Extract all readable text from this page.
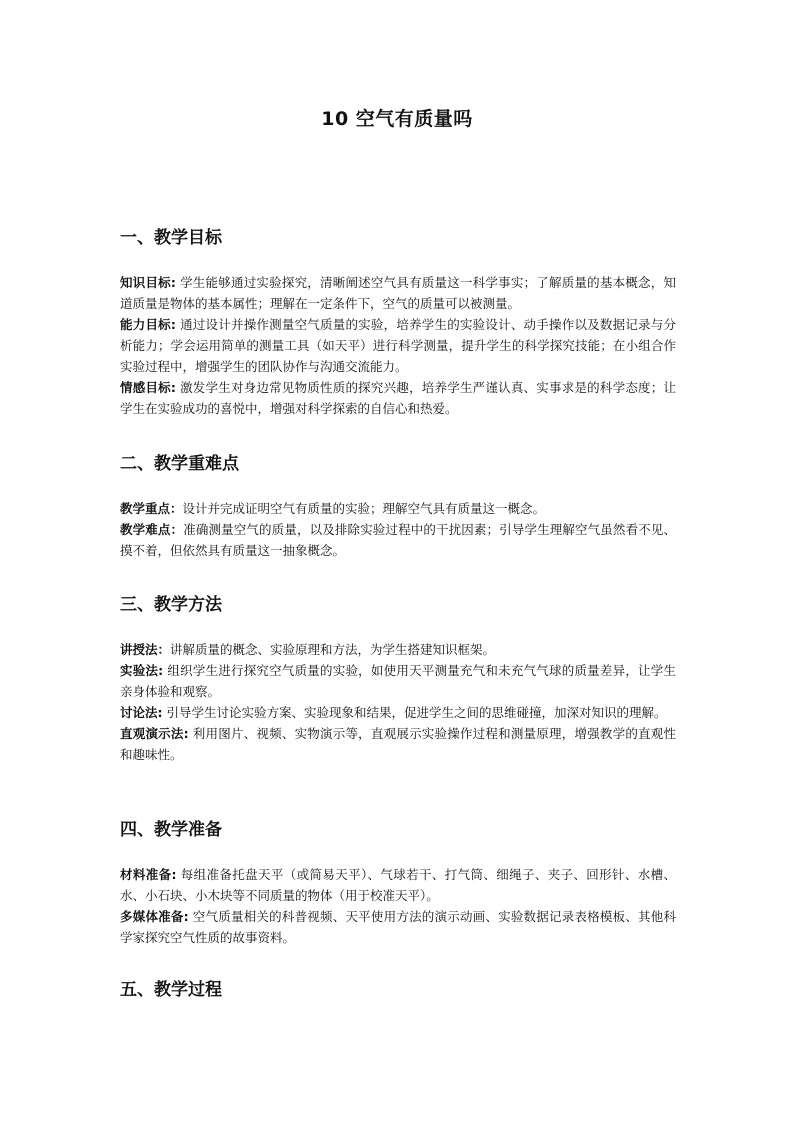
10 空气有质量吗
一、教学目标

知识目标: 学生能够通过实验探究，清晰阐述空气具有质量这一科学事实；了解质量的基本概念，知道质量是物体的基本属性；理解在一定条件下，空气的质量可以被测量。

能力目标: 通过设计并操作测量空气质量的实验，培养学生的实验设计、动手操作以及数据记录与分析能力；学会运用简单的测量工具（如天平）进行科学测量，提升学生的科学探究技能；在小组合作实验过程中，增强学生的团队协作与沟通交流能力。

情感目标: 激发学生对身边常见物质性质的探究兴趣，培养学生严谨认真、实事求是的科学态度；让学生在实验成功的喜悦中，增强对科学探索的自信心和热爱。

二、教学重难点

教学重点：设计并完成证明空气有质量的实验；理解空气具有质量这一概念。

教学难点：准确测量空气的质量，以及排除实验过程中的干扰因素；引导学生理解空气虽然看不见、摸不着，但依然具有质量这一抽象概念。

三、教学方法

讲授法：讲解质量的概念、实验原理和方法，为学生搭建知识框架。

实验法: 组织学生进行探究空气质量的实验，如使用天平测量充气和未充气气球的质量差异，让学生亲身体验和观察。

讨论法: 引导学生讨论实验方案、实验现象和结果，促进学生之间的思维碰撞，加深对知识的理解。

直观演示法: 利用图片、视频、实物演示等，直观展示实验操作过程和测量原理，增强教学的直观性和趣味性。

四、教学准备

材料准备: 每组准备托盘天平（或简易天平）、气球若干、打气筒、细绳子、夹子、回形针、水槽、水、小石块、小木块等不同质量的物体（用于校准天平）。

多媒体准备: 空气质量相关的科普视频、天平使用方法的演示动画、实验数据记录表格模板、其他科学家探究空气性质的故事资料。

五、教学过程
